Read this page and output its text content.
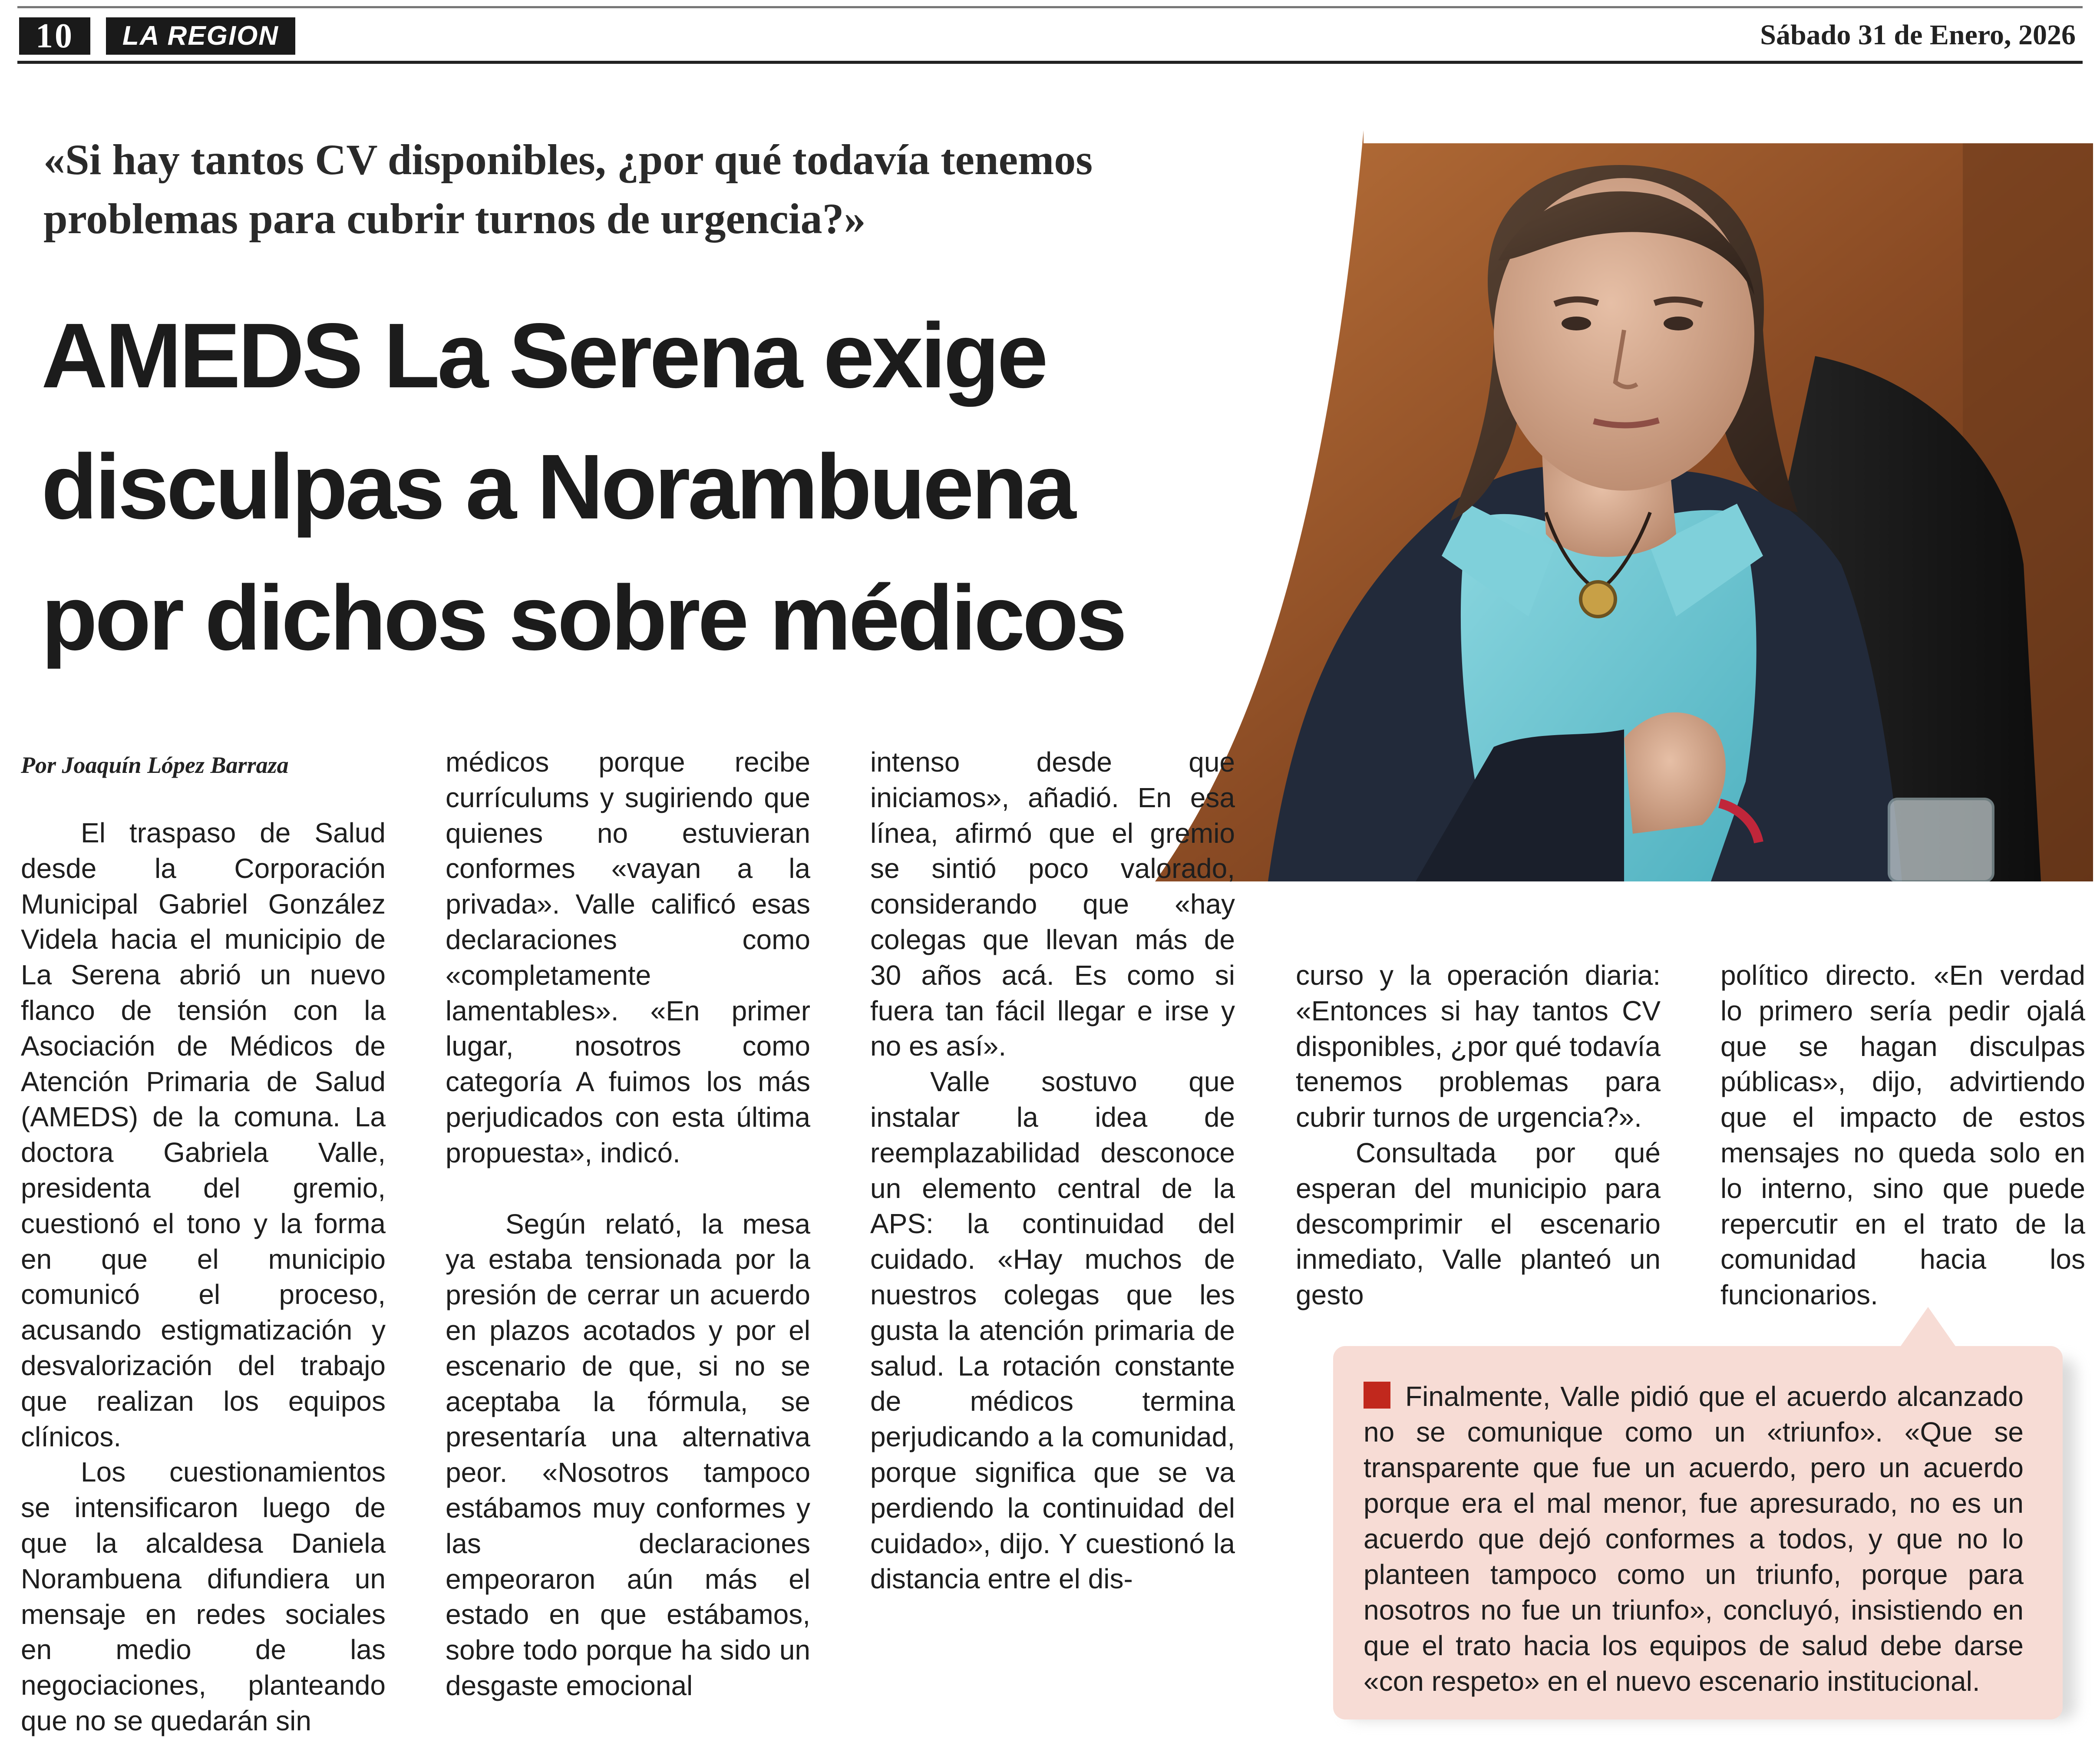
10	LA REGION	Sábado 31 de Enero, 2026
«Si hay tantos CV disponibles, ¿por qué todavía tenemos problemas para cubrir turnos de urgencia?»
AMEDS La Serena exige disculpas a Norambuena por dichos sobre médicos
Por Joaquín López Barraza

El traspaso de Salud desde la Corporación Municipal Gabriel González Videla hacia el municipio de La Serena abrió un nuevo flanco de tensión con la Asociación de Médicos de Atención Primaria de Salud (AMEDS) de la comuna. La doctora Gabriela Valle, presidenta del gremio, cuestionó el tono y la forma en que el municipio comunicó el proceso, acusando estigmatización y desvalorización del trabajo que realizan los equipos clínicos.

Los cuestionamientos se intensificaron luego de que la alcaldesa Daniela Norambuena difundiera un mensaje en redes sociales en medio de las negociaciones, planteando que no se quedarán sin

médicos porque recibe currículums y sugiriendo que quienes no estuvieran conformes «vayan a la privada». Valle calificó esas declaraciones como «completamente lamentables». «En primer lugar, nosotros como categoría A fuimos los más perjudicados con esta última propuesta», indicó.

Según relató, la mesa ya estaba tensionada por la presión de cerrar un acuerdo en plazos acotados y por el escenario de que, si no se aceptaba la fórmula, se presentaría una alternativa peor. «Nosotros tampoco estábamos muy conformes y las declaraciones empeoraron aún más el estado en que estábamos, sobre todo porque ha sido un desgaste emocional

intenso desde que iniciamos», añadió. En esa línea, afirmó que el gremio se sintió poco valorado, considerando que «hay colegas que llevan más de 30 años acá. Es como si fuera tan fácil llegar e irse y no es así».

Valle sostuvo que instalar la idea de reemplazabilidad desconoce un elemento central de la APS: la continuidad del cuidado. «Hay muchos de nuestros colegas que les gusta la atención primaria de salud. La rotación constante de médicos termina perjudicando a la comunidad, porque significa que se va perdiendo la continuidad del cuidado», dijo. Y cuestionó la distancia entre el dis-

curso y la operación diaria: «Entonces si hay tantos CV disponibles, ¿por qué todavía tenemos problemas para cubrir turnos de urgencia?».

Consultada por qué esperan del municipio para descomprimir el escenario inmediato, Valle planteó un gesto

político directo. «En verdad lo primero sería pedir ojalá que se hagan disculpas públicas», dijo, advirtiendo que el impacto de estos mensajes no queda solo en lo interno, sino que puede repercutir en el trato de la comunidad hacia los funcionarios.

Finalmente, Valle pidió que el acuerdo alcanzado no se comunique como un «triunfo». «Que se transparente que fue un acuerdo, pero un acuerdo porque era el mal menor, fue apresurado, no es un acuerdo que dejó conformes a todos, y que no lo planteen tampoco como un triunfo, porque para nosotros no fue un triunfo», concluyó, insistiendo en que el trato hacia los equipos de salud debe darse «con respeto» en el nuevo escenario institucional.
